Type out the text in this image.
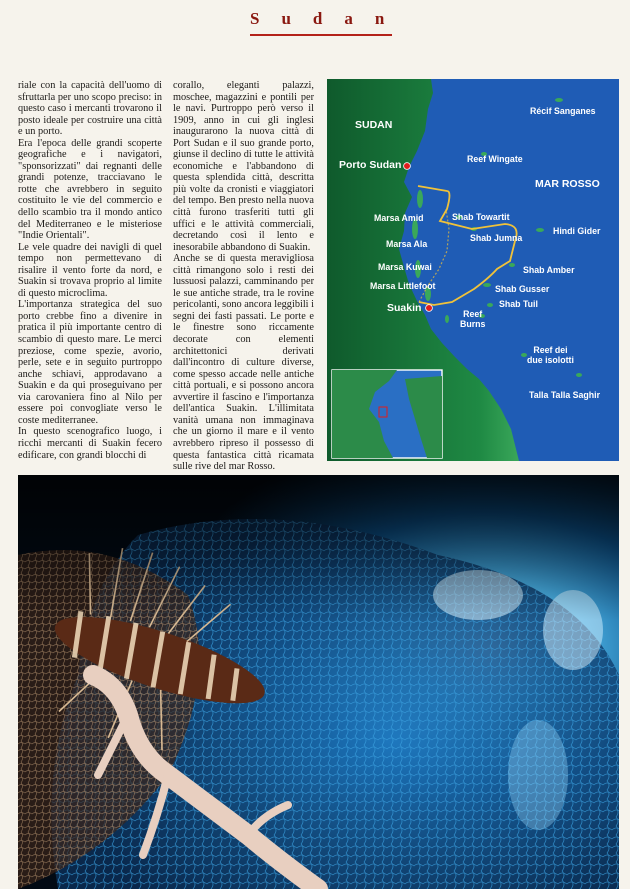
Sudan

riale con la capacità dell'uomo di sfruttarla per uno scopo preciso: in questo caso i mercanti trovarono il posto ideale per costruire una città e un porto.

Era l'epoca delle grandi scoperte geografiche e i navigatori, "sponsorizzati" dai regnanti delle grandi potenze, tracciavano le rotte che avrebbero in seguito costituito le vie del commercio e dello scambio tra il mondo antico del Mediterraneo e le misteriose "Indie Orientali".

Le vele quadre dei navigli di quel tempo non permettevano di risalire il vento forte da nord, e Suakin si trovava proprio al limite di questo microclima.

L'importanza strategica del suo porto crebbe fino a divenire in pratica il più importante centro di scambio di questo mare. Le merci preziose, come spezie, avorio, perle, sete e in seguito purtroppo anche schiavi, approdavano a Suakin e da qui proseguivano per via carovaniera fino al Nilo per essere poi convogliate verso le coste mediterranee.

In questo scenografico luogo, i ricchi mercanti di Suakin fecero edificare, con grandi blocchi di

corallo, eleganti palazzi, moschee, magazzini e pontili per le navi. Purtroppo però verso il 1909, anno in cui gli inglesi inaugurarono la nuova città di Port Sudan e il suo grande porto, giunse il declino di tutte le attività economiche e l'abbandono di questa splendida città, descritta più volte da cronisti e viaggiatori del tempo. Ben presto nella nuova città furono trasferiti tutti gli uffici e le attività commerciali, decretando così il lento e inesorabile abbandono di Suakin.

Anche se di questa meravigliosa città rimangono solo i resti dei lussuosi palazzi, camminando per le sue antiche strade, tra le rovine pericolanti, sono ancora leggibili i segni dei fasti passati. Le porte e le finestre sono riccamente decorate con elementi architettonici derivati dall'incontro di culture diverse, come spesso accade nelle antiche città portuali, e si possono ancora avvertire il fascino e l'importanza dell'antica Suakin. L'illimitata vanità umana non immaginava che un giorno il mare e il vento avrebbero ripreso il possesso di questa fantastica città ricamata sulle rive del mar Rosso.

SUDAN
MAR ROSSO
Porto Sudan
Suakin
Récif Sanganes
Reef Wingate
Marsa Amid	Shab Towartit
Shab Jumna
Hindi Gider
Marsa Ala
Marsa Kuwai
Marsa Littlefoot
Shab Amber
Shab Gusser
Shab Tuil
Reef
Burns
Reef dei
due isolotti
Talla Talla Saghir
